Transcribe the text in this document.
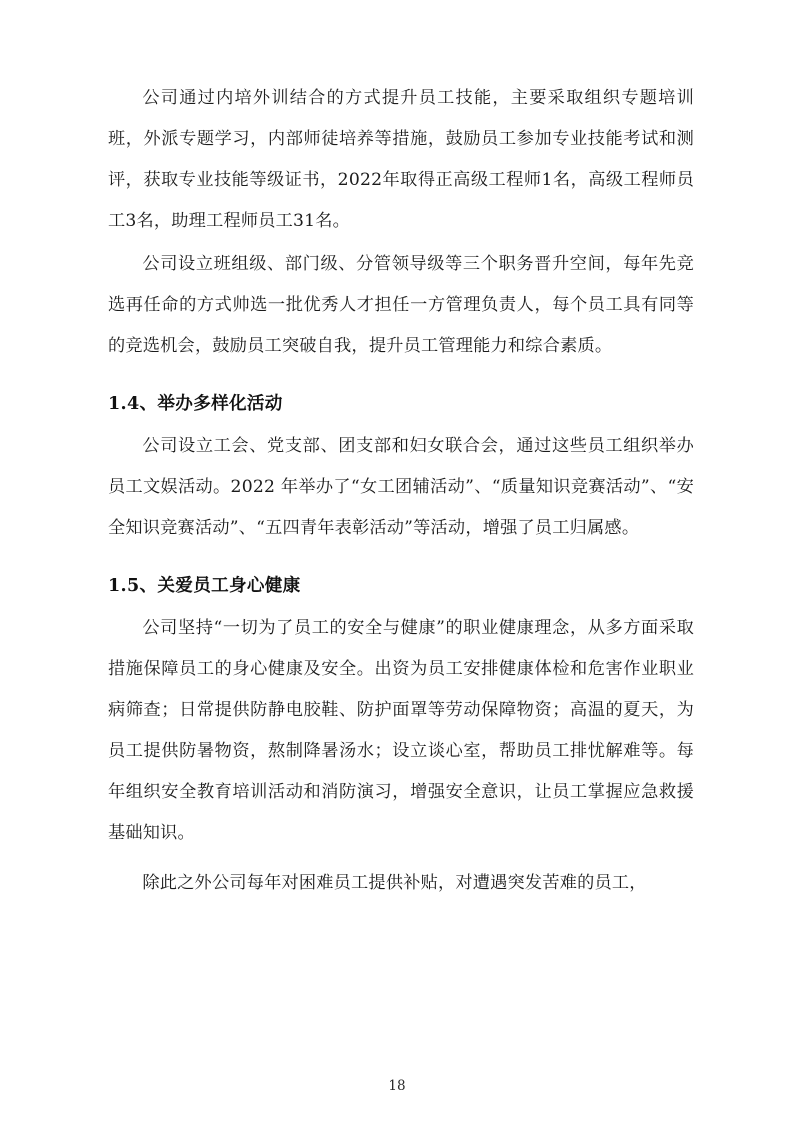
公司通过内培外训结合的方式提升员工技能，主要采取组织专题培训班，外派专题学习，内部师徒培养等措施，鼓励员工参加专业技能考试和测评，获取专业技能等级证书，2022年取得正高级工程师1名，高级工程师员工3名，助理工程师员工31名。

公司设立班组级、部门级、分管领导级等三个职务晋升空间，每年先竞选再任命的方式帅选一批优秀人才担任一方管理负责人，每个员工具有同等的竞选机会，鼓励员工突破自我，提升员工管理能力和综合素质。

1.4、举办多样化活动

公司设立工会、党支部、团支部和妇女联合会，通过这些员工组织举办员工文娱活动。2022 年举办了“女工团辅活动”、“质量知识竞赛活动”、“安全知识竞赛活动”、“五四青年表彰活动”等活动，增强了员工归属感。

1.5、关爱员工身心健康

公司坚持“一切为了员工的安全与健康”的职业健康理念，从多方面采取措施保障员工的身心健康及安全。出资为员工安排健康体检和危害作业职业病筛查；日常提供防静电胶鞋、防护面罩等劳动保障物资；高温的夏天，为员工提供防暑物资，熬制降暑汤水；设立谈心室，帮助员工排忧解难等。每年组织安全教育培训活动和消防演习，增强安全意识，让员工掌握应急救援基础知识。

除此之外公司每年对困难员工提供补贴，对遭遇突发苦难的员工，

18
